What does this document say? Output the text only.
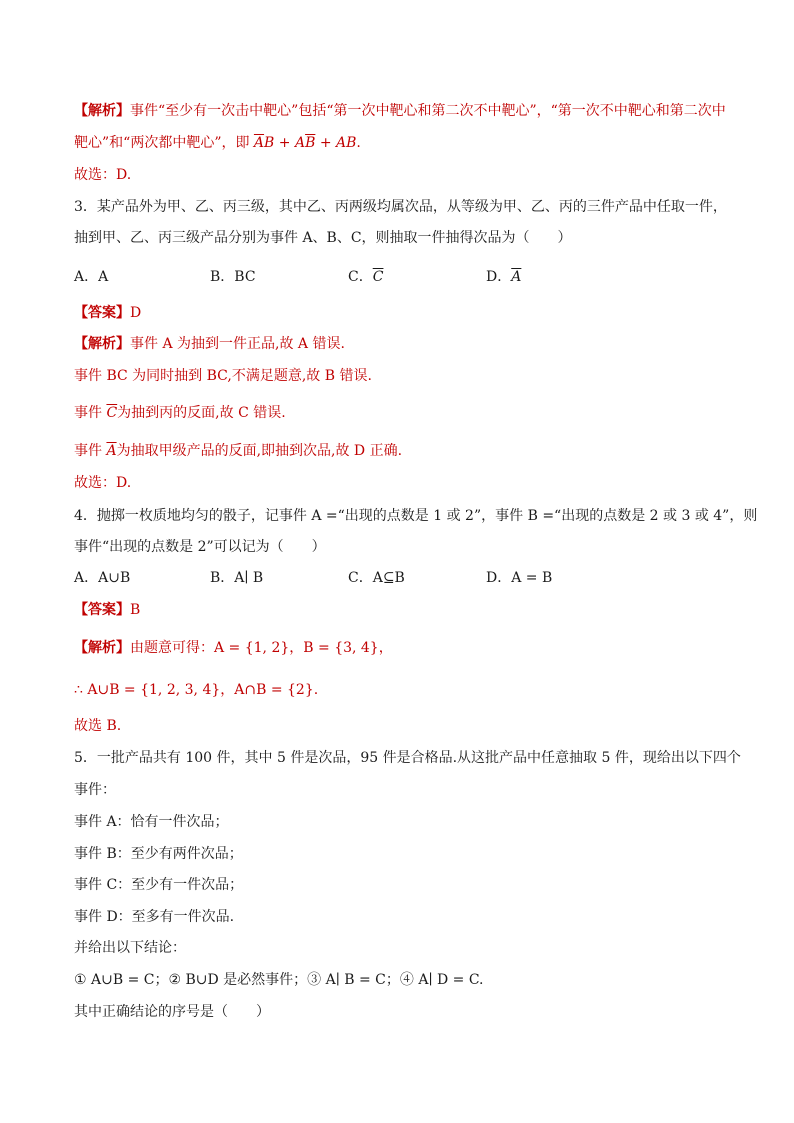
【解析】事件“至少有一次击中靶心”包括“第一次中靶心和第二次不中靶心”，“第一次不中靶心和第二次中
靶心”和“两次都中靶心”，即 $\overline{A}B + A\overline{B}$ + AB.
故选：D.
3．某产品外为甲、乙、丙三级，其中乙、丙两级均属次品，从等级为甲、乙、丙的三件产品中任取一件，
抽到甲、乙、丙三级产品分别为事件 A、B、C，则抽取一件抽得次品为（　　）
A．A	B．BC	C．$\overline{C}$	D．$\overline{A}$
【答案】D
【解析】事件 A 为抽到一件正品,故 A 错误.
事件 BC 为同时抽到 BC,不满足题意,故 B 错误.
事件 $\overline{C}$为抽到丙的反面,故 C 错误.
事件 $\overline{A}$为抽取甲级产品的反面,即抽到次品,故 D 正确.
故选：D.
4．抛掷一枚质地均匀的骰子，记事件 A =“出现的点数是 1 或 2”，事件 B =“出现的点数是 2 或 3 或 4”，则
事件“出现的点数是 2”可以记为（　　）
A．A∪B	B．A∣ B	C．A⊆B	D．A = B
【答案】B
【解析】由题意可得：A = {1, 2}，B = {3, 4}，
∴ A∪B = {1, 2, 3, 4}，A∩B = {2}.
故选 B.
5．一批产品共有 100 件，其中 5 件是次品，95 件是合格品.从这批产品中任意抽取 5 件，现给出以下四个
事件：
事件 A：恰有一件次品；
事件 B：至少有两件次品；
事件 C：至少有一件次品；
事件 D：至多有一件次品.
并给出以下结论：
① A∪B = C；② B∪D 是必然事件；③ A∣ B = C；④ A∣ D = C.
其中正确结论的序号是（　　）
